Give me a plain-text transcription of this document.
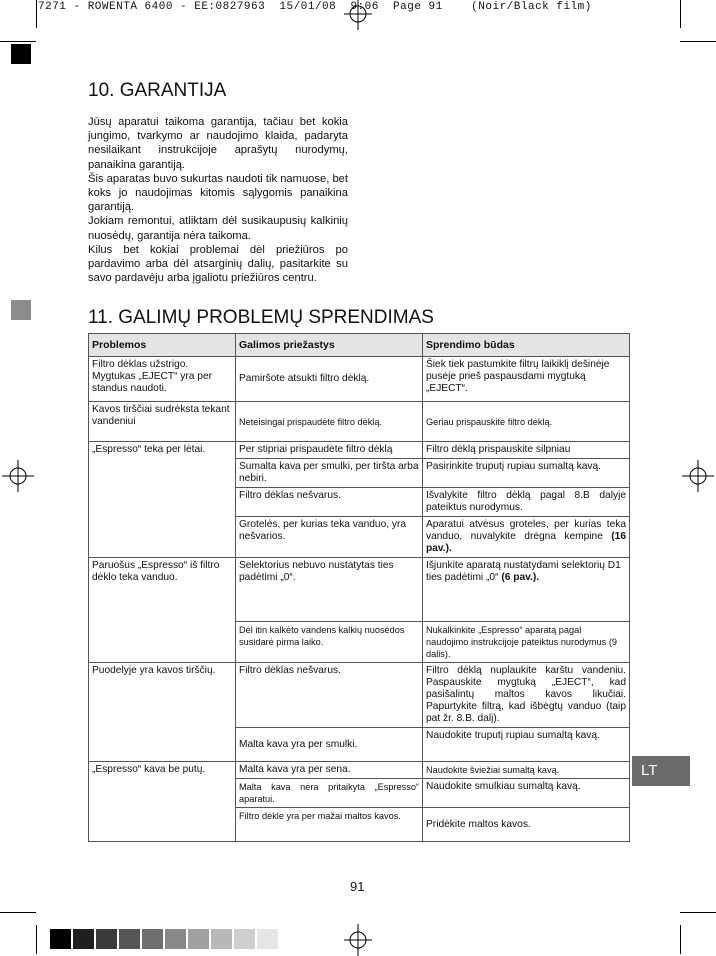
7271 - ROWENTA 6400 - EE:0827963  15/01/08  9:06  Page 91    (Noir/Black film)
10. GARANTIJA

Jūsų aparatui taikoma garantija, tačiau bet kokia jungimo, tvarkymo ar naudojimo klaida, padaryta nesilaikant instrukcijoje aprašytų nurodymų, panaikina garantiją.

Šis aparatas buvo sukurtas naudoti tik namuose, bet koks jo naudojimas kitomis sąlygomis panaikina garantiją.

Jokiam remontui, atliktam dėl susikaupusių kalkinių nuosėdų, garantija nėra taikoma.

Kilus bet kokiai problemai dėl priežiūros po pardavimo arba dėl atsarginių dalių, pasitarkite su savo pardavėju arba įgaliotu priežiūros centru.

11. GALIMŲ PROBLEMŲ SPRENDIMAS
Problemos	Galimos priežastys	Sprendimo būdas
Filtro dėklas užstrigo. Mygtukas „EJECT“ yra per standus naudoti.	Pamiršote atsukti filtro dėklą.	Šiek tiek pastumkite filtrų laikiklį dešinėje pusėje prieš paspausdami mygtuką „EJECT“.
Kavos tirščiai sudrėksta tekant vandeniui	Neteisingai prispaudėte filtro dėklą.	Geriau prispauskite filtro dėklą.
„Espresso“ teka per lėtai.	Per stipriai prispaudėte filtro dėklą	Filtro dėklą prispauskite silpniau
	Sumalta kava per smulki, per tiršta arba nebiri.	Pasirinkite truputį rupiau sumaltą kavą.
	Filtro dėklas nešvarus.	Išvalykite filtro dėklą pagal 8.B dalyje pateiktus nurodymus.
	Grotelės, per kurias teka vanduo, yra nešvarios.	Aparatui atvėsus groteles, per kurias teka vanduo, nuvalykite drėgna kempine (16 pav.).
Paruošus „Espresso“ iš filtro dėklo teka vanduo.	Selektorius nebuvo nustatytas ties padėtimi „0“.	Išjunkite aparatą nustatydami selektorių D1 ties padėtimi „0“ (6 pav.).
	Dėl itin kalkėto vandens kalkių nuosėdos susidarė pirma laiko.	Nukalkinkite „Espresso“ aparatą pagal naudojimo instrukcijoje pateiktus nurodymus (9 dalis).
Puodelyje yra kavos tirščių.	Filtro dėklas nešvarus.	Filtro dėklą nuplaukite karštu vandeniu. Paspauskite mygtuką „EJECT“, kad pasišalintų maltos kavos likučiai. Papurtykite filtrą, kad išbėgtų vanduo (taip pat žr. 8.B. dalį).
	Malta kava yra per smulki.	Naudokite truputį rupiau sumaltą kavą.
„Espresso“ kava be putų.	Malta kava yra per sena.	Naudokite šviežiai sumaltą kavą.
	Malta kava nėra pritaikyta „Espresso“ aparatui.	Naudokite smulkiau sumaltą kavą.
	Filtro dėkle yra per mažai maltos kavos.	Pridėkite maltos kavos.
LT
91
